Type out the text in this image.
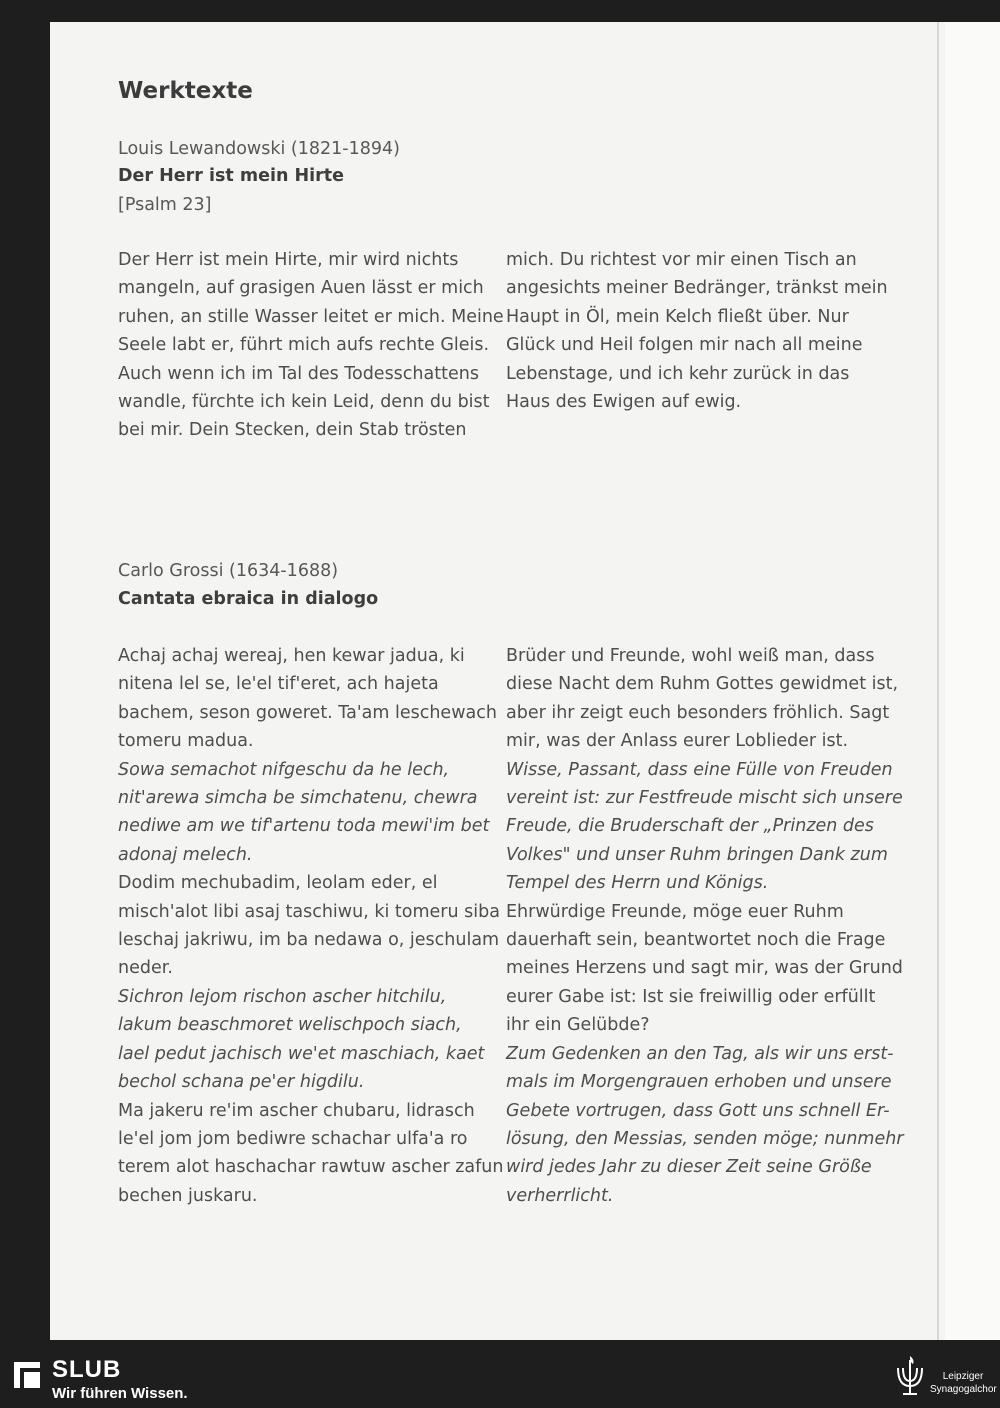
Werktexte
Louis Lewandowski (1821-1894)
Der Herr ist mein Hirte
[Psalm 23]
Der Herr ist mein Hirte, mir wird nichts
mangeln, auf grasigen Auen lässt er mich
ruhen, an stille Wasser leitet er mich. Meine
Seele labt er, führt mich aufs rechte Gleis.
Auch wenn ich im Tal des Todesschattens
wandle, fürchte ich kein Leid, denn du bist
bei mir. Dein Stecken, dein Stab trösten
mich. Du richtest vor mir einen Tisch an
angesichts meiner Bedränger, tränkst mein
Haupt in Öl, mein Kelch fließt über. Nur
Glück und Heil folgen mir nach all meine
Lebenstage, und ich kehr zurück in das
Haus des Ewigen auf ewig.
Carlo Grossi (1634-1688)
Cantata ebraica in dialogo
Achaj achaj wereaj, hen kewar jadua, ki
nitena lel se, le'el tif'eret, ach hajeta
bachem, seson goweret. Ta'am leschewach
tomeru madua.
Sowa semachot nifgeschu da he lech,
nit'arewa simcha be simchatenu, chewra
nediwe am we tif'artenu toda mewi'im bet
adonaj melech.
Dodim mechubadim, leolam eder, el
misch'alot libi asaj taschiwu, ki tomeru siba
leschaj jakriwu, im ba nedawa o, jeschulam
neder.
Sichron lejom rischon ascher hitchilu,
lakum beaschmoret welischpoch siach,
lael pedut jachisch we'et maschiach, kaet
bechol schana pe'er higdilu.
Ma jakeru re'im ascher chubaru, lidrasch
le'el jom jom bediwre schachar ulfa'a ro
terem alot haschachar rawtuw ascher zafun
bechen juskaru.
Brüder und Freunde, wohl weiß man, dass
diese Nacht dem Ruhm Gottes gewidmet ist,
aber ihr zeigt euch besonders fröhlich. Sagt
mir, was der Anlass eurer Loblieder ist.
Wisse, Passant, dass eine Fülle von Freuden
vereint ist: zur Festfreude mischt sich unsere
Freude, die Bruderschaft der „Prinzen des
Volkes" und unser Ruhm bringen Dank zum
Tempel des Herrn und Königs.
Ehrwürdige Freunde, möge euer Ruhm
dauerhaft sein, beantwortet noch die Frage
meines Herzens und sagt mir, was der Grund
eurer Gabe ist: Ist sie freiwillig oder erfüllt
ihr ein Gelübde?
Zum Gedenken an den Tag, als wir uns erst-
mals im Morgengrauen erhoben und unsere
Gebete vortrugen, dass Gott uns schnell Er-
lösung, den Messias, senden möge; nunmehr
wird jedes Jahr zu dieser Zeit seine Größe
verherrlicht.
SLUB
Wir führen Wissen.
Leipziger
Synagogalchor
